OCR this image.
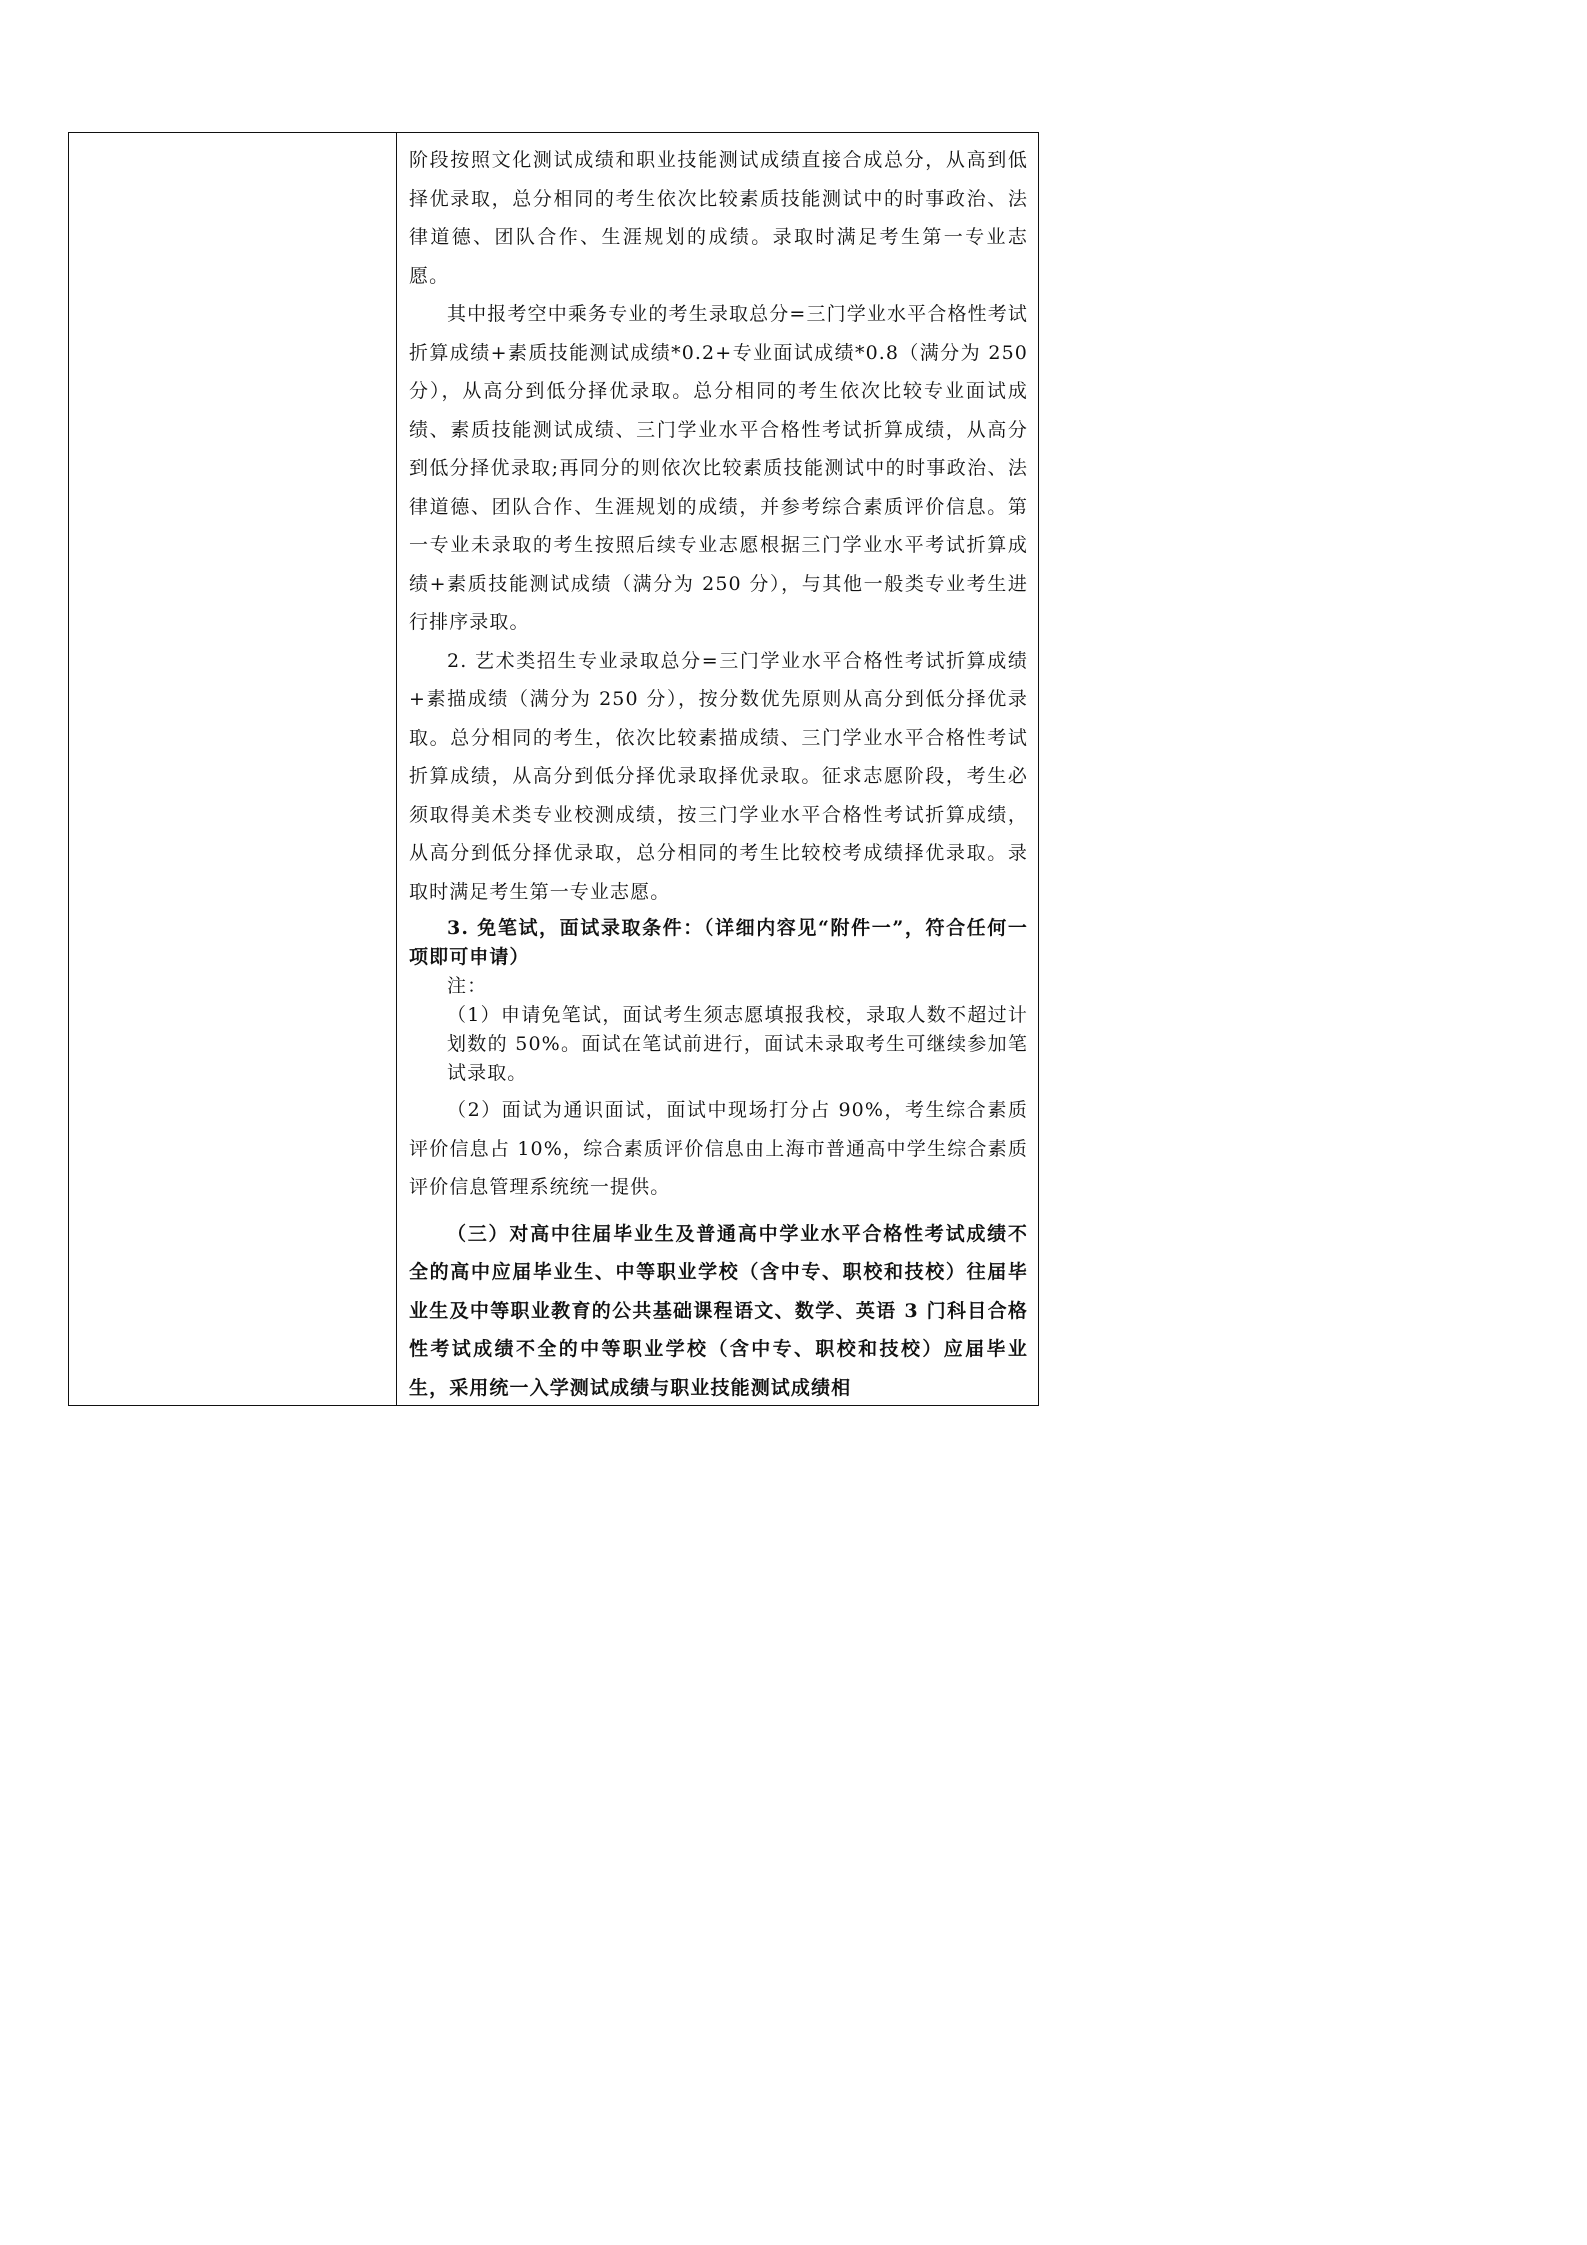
阶段按照文化测试成绩和职业技能测试成绩直接合成总分，从高到低择优录取，总分相同的考生依次比较素质技能测试中的时事政治、法律道德、团队合作、生涯规划的成绩。录取时满足考生第一专业志愿。

其中报考空中乘务专业的考生录取总分=三门学业水平合格性考试折算成绩+素质技能测试成绩*0.2+专业面试成绩*0.8（满分为 250 分），从高分到低分择优录取。总分相同的考生依次比较专业面试成绩、素质技能测试成绩、三门学业水平合格性考试折算成绩，从高分到低分择优录取;再同分的则依次比较素质技能测试中的时事政治、法律道德、团队合作、生涯规划的成绩，并参考综合素质评价信息。第一专业未录取的考生按照后续专业志愿根据三门学业水平考试折算成绩+素质技能测试成绩（满分为 250 分），与其他一般类专业考生进行排序录取。

2. 艺术类招生专业录取总分=三门学业水平合格性考试折算成绩+素描成绩（满分为 250 分），按分数优先原则从高分到低分择优录取。总分相同的考生，依次比较素描成绩、三门学业水平合格性考试折算成绩，从高分到低分择优录取择优录取。征求志愿阶段，考生必须取得美术类专业校测成绩，按三门学业水平合格性考试折算成绩，从高分到低分择优录取，总分相同的考生比较校考成绩择优录取。录取时满足考生第一专业志愿。

3. 免笔试，面试录取条件：（详细内容见“附件一”，符合任何一项即可申请）

注：

（1）申请免笔试，面试考生须志愿填报我校，录取人数不超过计划数的 50%。面试在笔试前进行，面试未录取考生可继续参加笔试录取。

（2）面试为通识面试，面试中现场打分占 90%，考生综合素质评价信息占 10%，综合素质评价信息由上海市普通高中学生综合素质评价信息管理系统统一提供。

（三）对高中往届毕业生及普通高中学业水平合格性考试成绩不全的高中应届毕业生、中等职业学校（含中专、职校和技校）往届毕业生及中等职业教育的公共基础课程语文、数学、英语 3 门科目合格性考试成绩不全的中等职业学校（含中专、职校和技校）应届毕业生，采用统一入学测试成绩与职业技能测试成绩相
